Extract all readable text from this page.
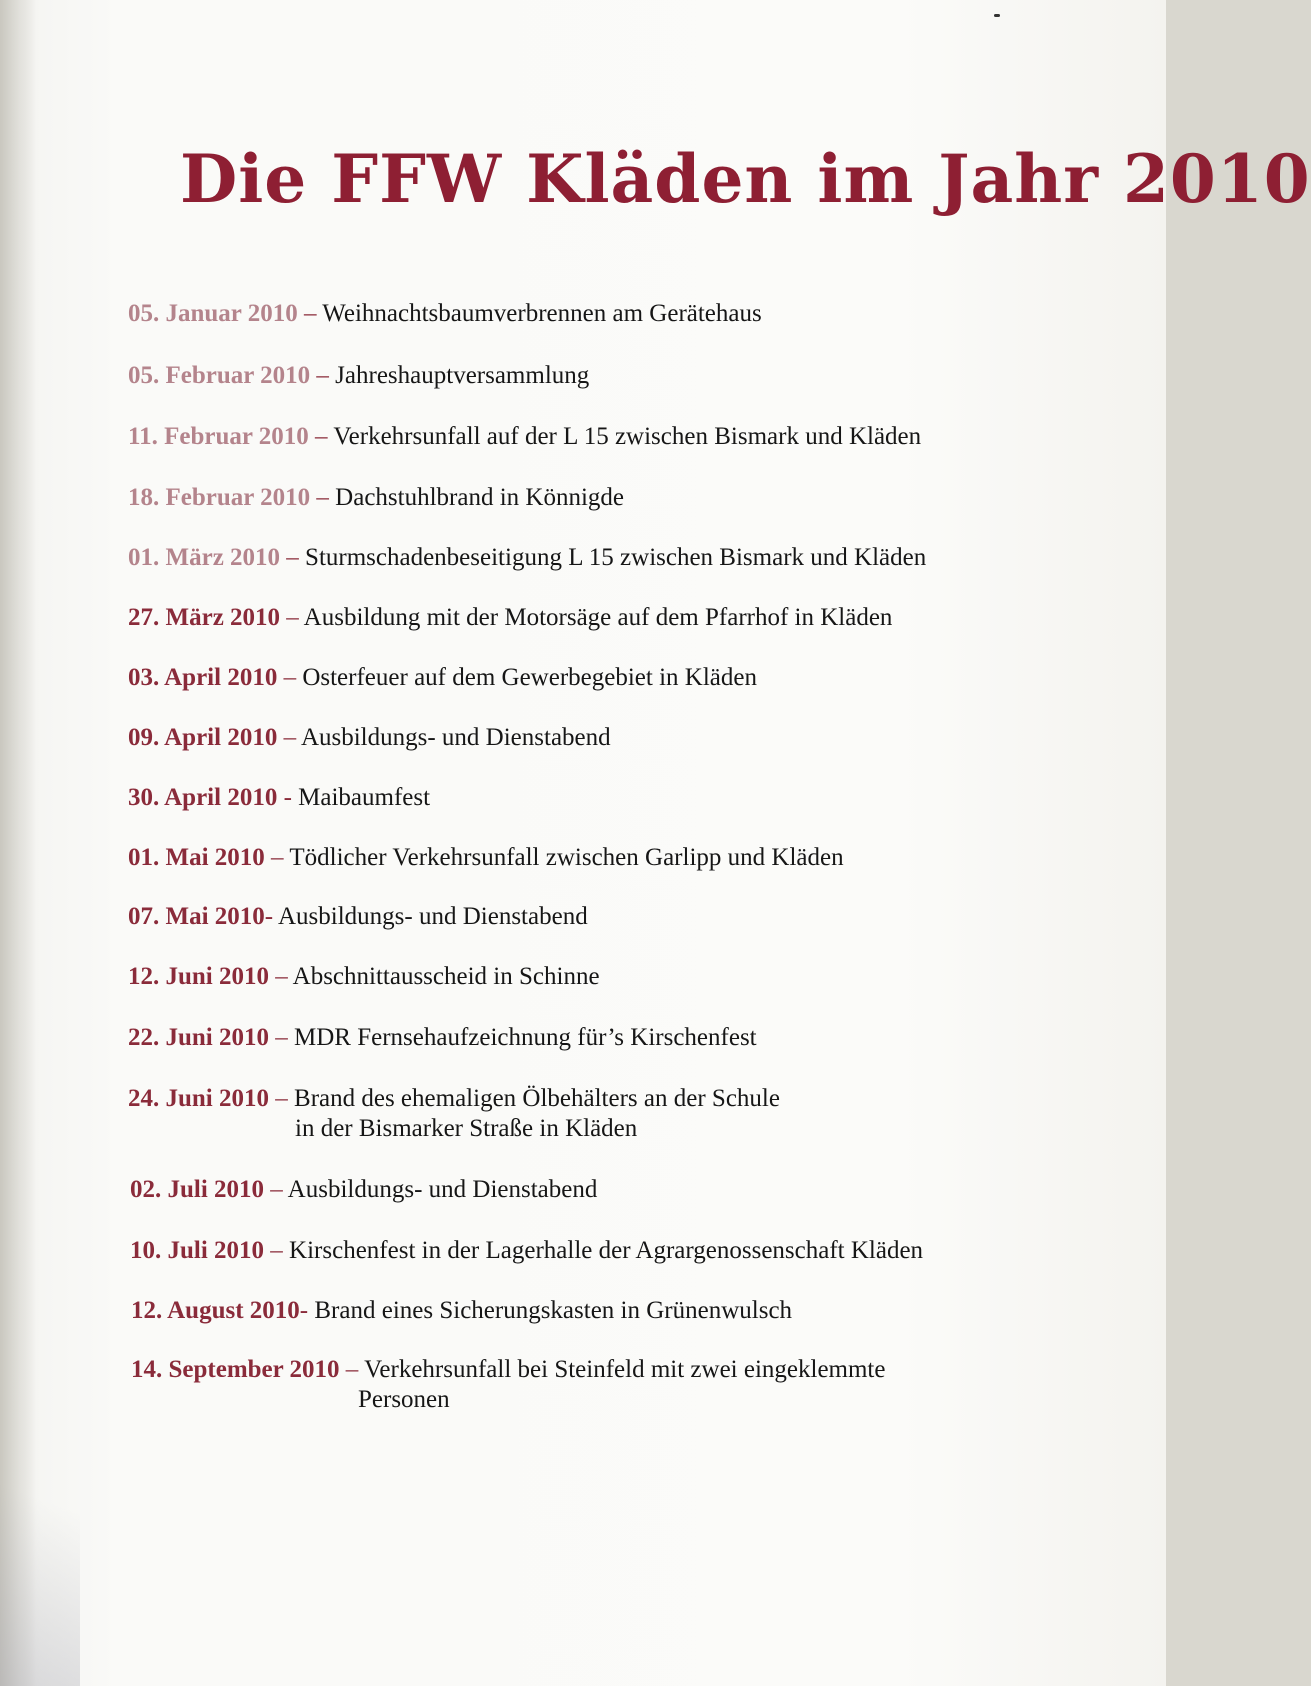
Die FFW Kläden im Jahr 2010
05. Januar 2010 – Weihnachtsbaumverbrennen am Gerätehaus
05. Februar 2010 – Jahreshauptversammlung
11. Februar 2010 – Verkehrsunfall auf der L 15 zwischen Bismark und Kläden
18. Februar 2010 – Dachstuhlbrand in Könnigde
01. März 2010 – Sturmschadenbeseitigung L 15 zwischen Bismark und Kläden
27. März 2010 – Ausbildung mit der Motorsäge auf dem Pfarrhof in Kläden
03. April 2010 – Osterfeuer auf dem Gewerbegebiet in Kläden
09. April 2010 – Ausbildungs- und Dienstabend
30. April 2010 - Maibaumfest
01. Mai 2010 – Tödlicher Verkehrsunfall zwischen Garlipp und Kläden
07. Mai 2010- Ausbildungs- und Dienstabend
12. Juni 2010 – Abschnittausscheid in Schinne
22. Juni 2010 – MDR Fernsehaufzeichnung für’s Kirschenfest
24. Juni 2010 – Brand des ehemaligen Ölbehälters an der Schule
in der Bismarker Straße in Kläden
02. Juli 2010 – Ausbildungs- und Dienstabend
10. Juli 2010 – Kirschenfest in der Lagerhalle der Agrargenossenschaft Kläden
12. August 2010- Brand eines Sicherungskasten in Grünenwulsch
14. September 2010 – Verkehrsunfall bei Steinfeld mit zwei eingeklemmte
Personen
